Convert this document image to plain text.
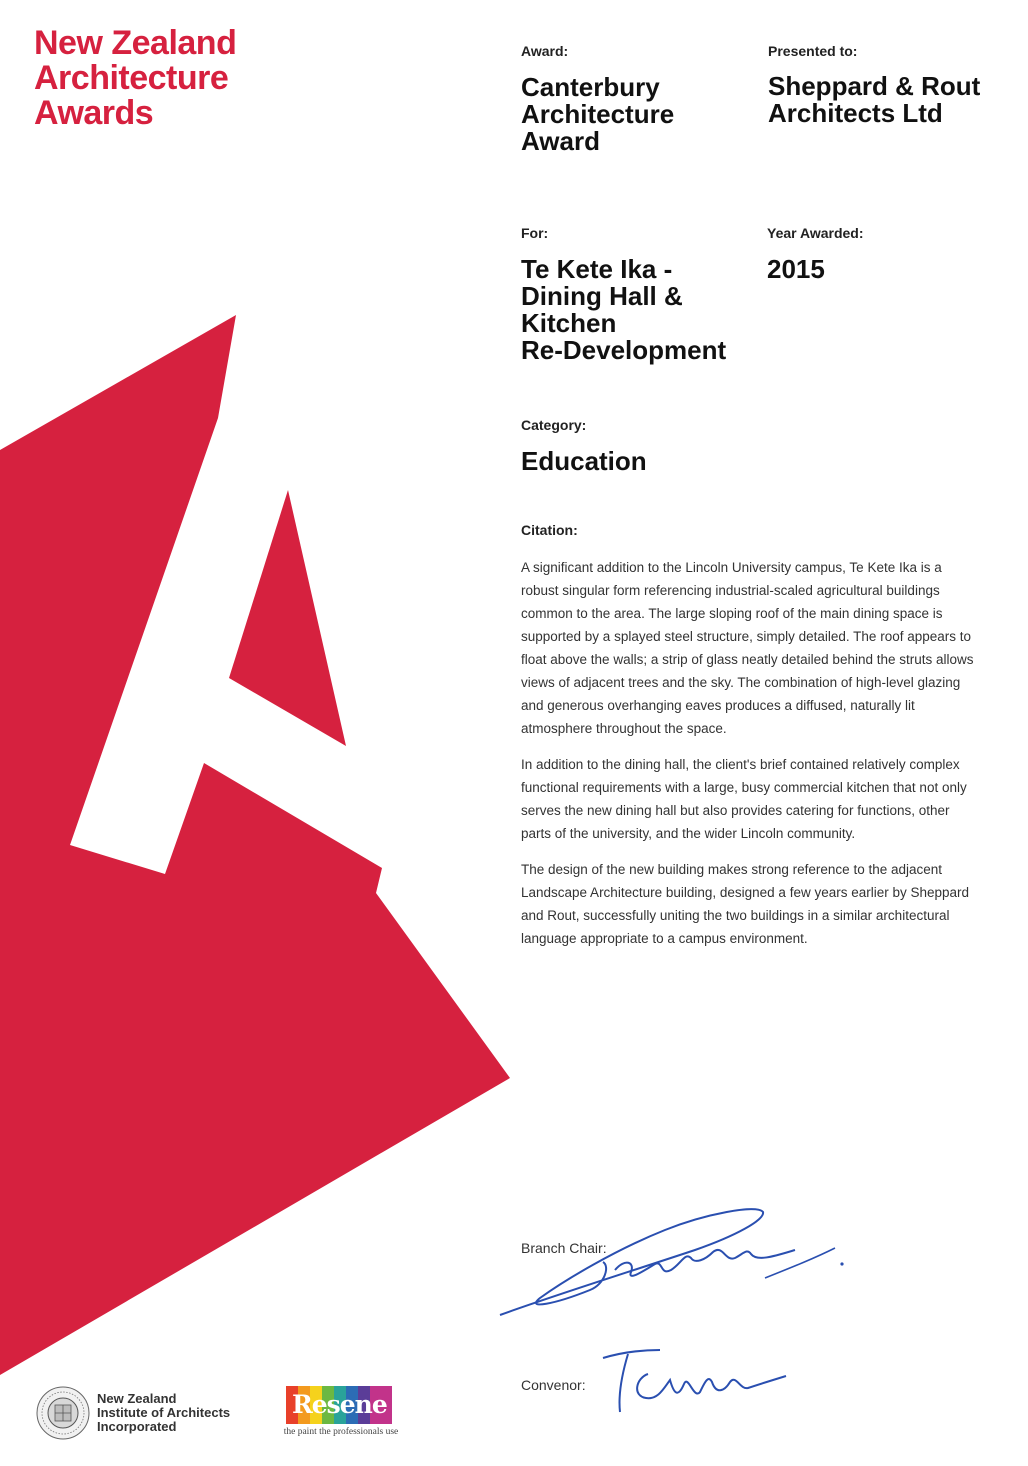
New Zealand
Architecture
Awards
Award:
Canterbury
Architecture
Award
Presented to:
Sheppard & Rout
Architects Ltd
For:
Te Kete Ika -
Dining Hall &
Kitchen
Re-Development
Year Awarded:
2015
Category:
Education
Citation:

A significant addition to the Lincoln University campus, Te Kete Ika is a robust singular form referencing industrial-scaled agricultural buildings common to the area. The large sloping roof of the main dining space is supported by a splayed steel structure, simply detailed. The roof appears to float above the walls; a strip of glass neatly detailed behind the struts allows views of adjacent trees and the sky. The combination of high-level glazing and generous overhanging eaves produces a diffused, naturally lit atmosphere throughout the space.

In addition to the dining hall, the client's brief contained relatively complex functional requirements with a large, busy commercial kitchen that not only serves the new dining hall but also provides catering for functions, other parts of the university, and the wider Lincoln community.

The design of the new building makes strong reference to the adjacent Landscape Architecture building, designed a few years earlier by Sheppard and Rout, successfully uniting the two buildings in a similar architectural language appropriate to a campus environment.

Branch Chair:
Convenor:
New Zealand
Institute of Architects
Incorporated
Resene
the paint the professionals use
